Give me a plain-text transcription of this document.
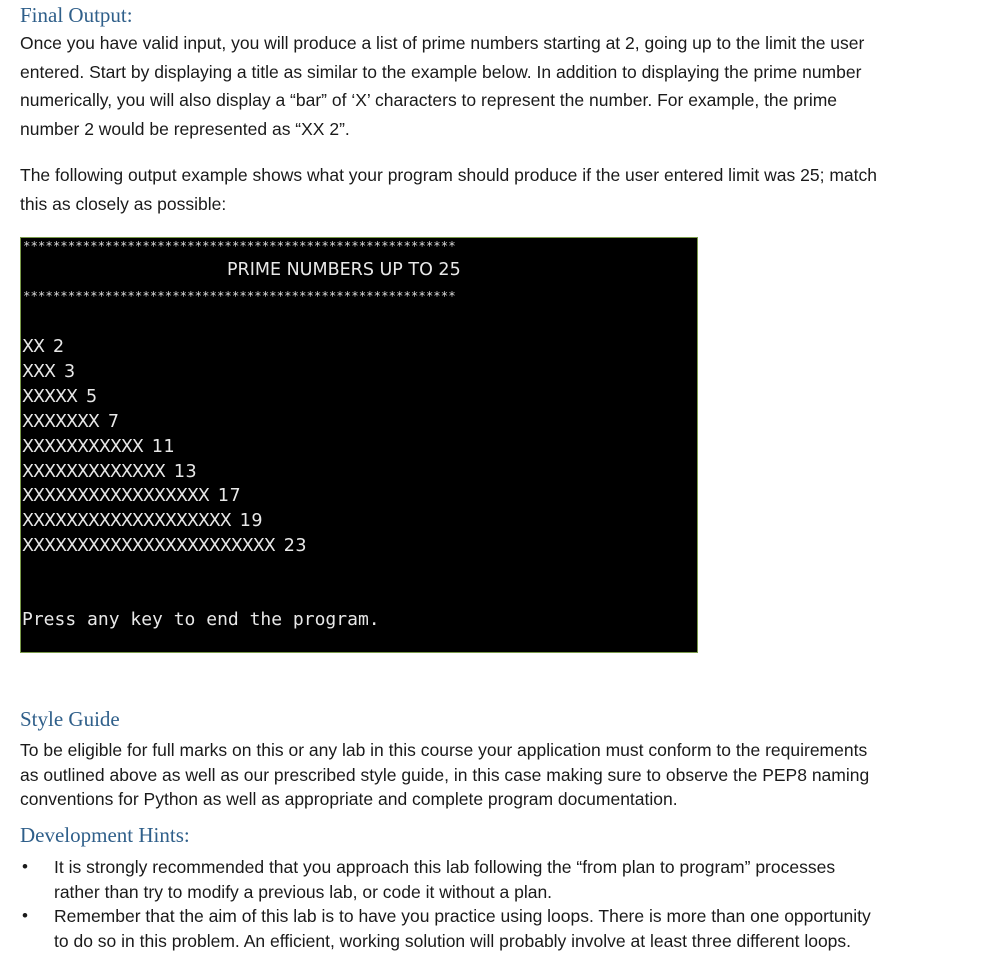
Final Output:

Once you have valid input, you will produce a list of prime numbers starting at 2, going up to the limit the user
entered. Start by displaying a title as similar to the example below. In addition to displaying the prime number
numerically, you will also display a “bar” of ‘X’ characters to represent the number. For example, the prime
number 2 would be represented as “XX 2”.

The following output example shows what your program should produce if the user entered limit was 25; match
this as closely as possible:

**********************************************************
PRIME NUMBERS UP TO 25
**********************************************************
XX 2
XXX 3
XXXXX 5
XXXXXXX 7
XXXXXXXXXXX 11
XXXXXXXXXXXXX 13
XXXXXXXXXXXXXXXXX 17
XXXXXXXXXXXXXXXXXXX 19
XXXXXXXXXXXXXXXXXXXXXXX 23
Press any key to end the program.
Style Guide

To be eligible for full marks on this or any lab in this course your application must conform to the requirements
as outlined above as well as our prescribed style guide, in this case making sure to observe the PEP8 naming
conventions for Python as well as appropriate and complete program documentation.

Development Hints:
• It is strongly recommended that you approach this lab following the “from plan to program” processes
rather than try to modify a previous lab, or code it without a plan.
• Remember that the aim of this lab is to have you practice using loops. There is more than one opportunity
to do so in this problem. An efficient, working solution will probably involve at least three different loops.
